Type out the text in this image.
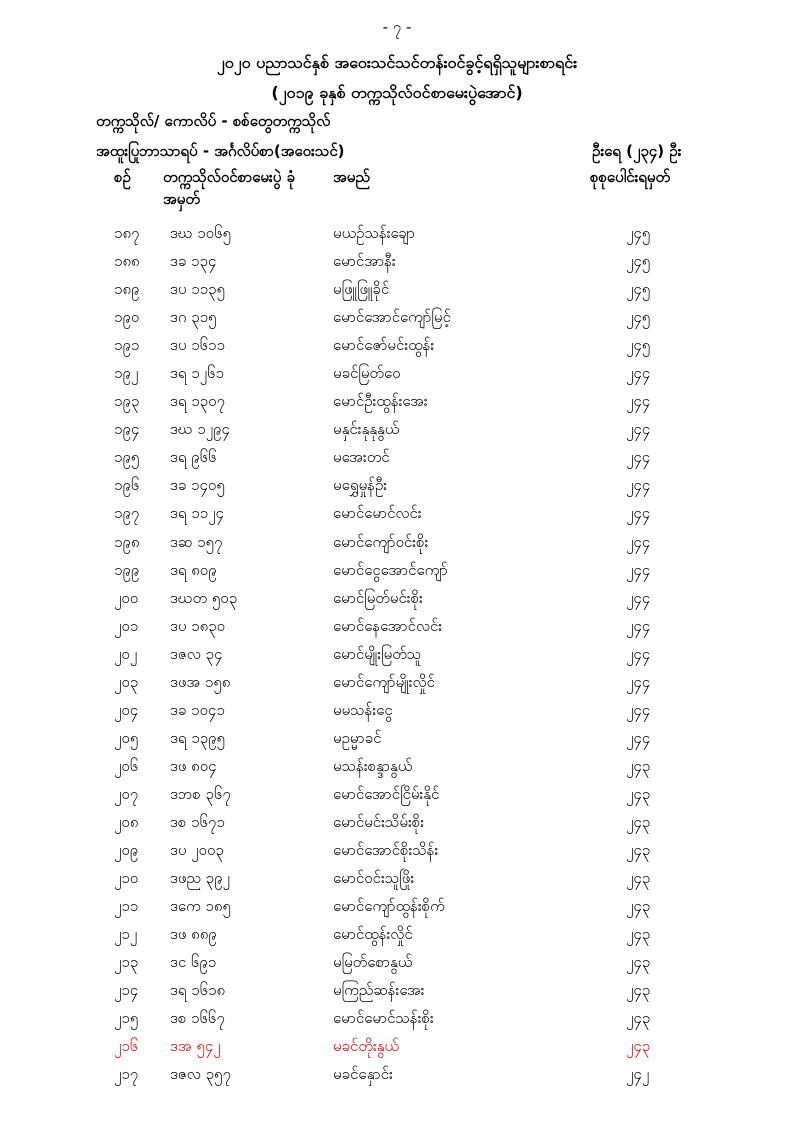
- ၇ -
၂၀၂၀ ပညာသင်နှစ် အဝေးသင်သင်တန်းဝင်ခွင့်ရရှိသူများစာရင်း
(၂၀၁၉ ခုနှစ် တက္ကသိုလ်ဝင်စာမေးပွဲအောင်)
တက္ကသိုလ်/ ကောလိပ် - စစ်တွေတက္ကသိုလ်
အထူးပြုဘာသာရပ် - အင်္ဂလိပ်စာ(အဝေးသင်)	ဦးရေ (၂၃၄) ဦး
စဉ် တက္ကသိုလ်ဝင်စာမေးပွဲ ခုံအမှတ်
အမည်	စုစုပေါင်းရမှတ်
၁၈၇ ဒဃ ၁၀၆၅	မယဉ်သန်းချော	၂၄၅
၁၈၈ ဒခ ၁၃၄	မောင်အာနီး	၂၄၅
၁၈၉ ဒပ ၁၁၃၅	မဖြူဖြူခိုင်	၂၄၅
၁၉၀ ဒဂ ၃၁၅	မောင်အောင်ကျော်မြင့်	၂၄၅
၁၉၁ ဒပ ၁၆၁၁	မောင်ဇော်မင်းထွန်း	၂၄၅
၁၉၂ ဒရ ၁၂၆၁	မခင်မြတ်ဝေ	၂၄၄
၁၉၃ ဒရ ၁၃၀၇	မောင်ဦးထွန်းအေး	၂၄၄
၁၉၄ ဒဃ ၁၂၉၄	မနှင်းနုနုနွယ်	၂၄၄
၁၉၅ ဒရ ၉၆၆	မအေးတင်	၂၄၄
၁၉၆ ဒခ ၁၄၀၅	မရွှေမှုန်ဦး	၂၄၄
၁၉၇ ဒရ ၁၁၂၄	မောင်မောင်လင်း	၂၄၄
၁၉၈ ဒဆ ၁၅၇	မောင်ကျော်ဝင်းစိုး	၂၄၄
၁၉၉ ဒရ ၈၀၉	မောင်ငွေအောင်ကျော်	၂၄၄
၂၀၀ ဒဃတ ၅၀၃	မောင်မြတ်မင်းစိုး	၂၄၄
၂၀၁ ဒပ ၁၈၃၀	မောင်နေအောင်လင်း	၂၄၄
၂၀၂ ဒဇလ ၃၄	မောင်မျိုးမြတ်သူ	၂၄၄
၂၀၃ ဒဖအ ၁၅၈	မောင်ကျော်မျိုးလှိုင်	၂၄၄
၂၀၄ ဒခ ၁၀၄၁	မမသန်းငွေ	၂၄၄
၂၀၅ ဒရ ၁၃၉၅	မဥမ္မာခင်	၂၄၄
၂၀၆ ဒဖ ၈၀၄	မသန်းစန္ဒာနွယ်	၂၄၃
၂၀၇ ဒဘစ ၃၆၇	မောင်အောင်ငြိမ်းနိုင်	၂၄၃
၂၀၈ ဒစ ၁၆၇၁	မောင်မင်းသိမ်းစိုး	၂၄၃
၂၀၉ ဒပ ၂၀၀၃	မောင်အောင်စိုးသိန်း	၂၄၃
၂၁၀ ဒဖည ၃၉၂	မောင်ဝင်းသူဖြိုး	၂၄၃
၂၁၁ ဒကေ ၁၈၅	မောင်ကျော်ထွန်းစိုက်	၂၄၃
၂၁၂ ဒဖ ၈၈၉	မောင်ထွန်းလှိုင်	၂၄၃
၂၁၃ ဒင ၆၉၁	မမြတ်စောနွယ်	၂၄၃
၂၁၄ ဒရ ၁၆၁၈	မကြည်ဆန်းအေး	၂၄၃
၂၁၅ ဒစ ၁၆၆၇	မောင်မောင်သန်းစိုး	၂၄၃
၂၁၆ ဒအ ၅၄၂	မခင်တိုးနွယ်	၂၄၃
၂၁၇ ဒဇလ ၃၅၇	မခင်နှောင်း	၂၄၂
